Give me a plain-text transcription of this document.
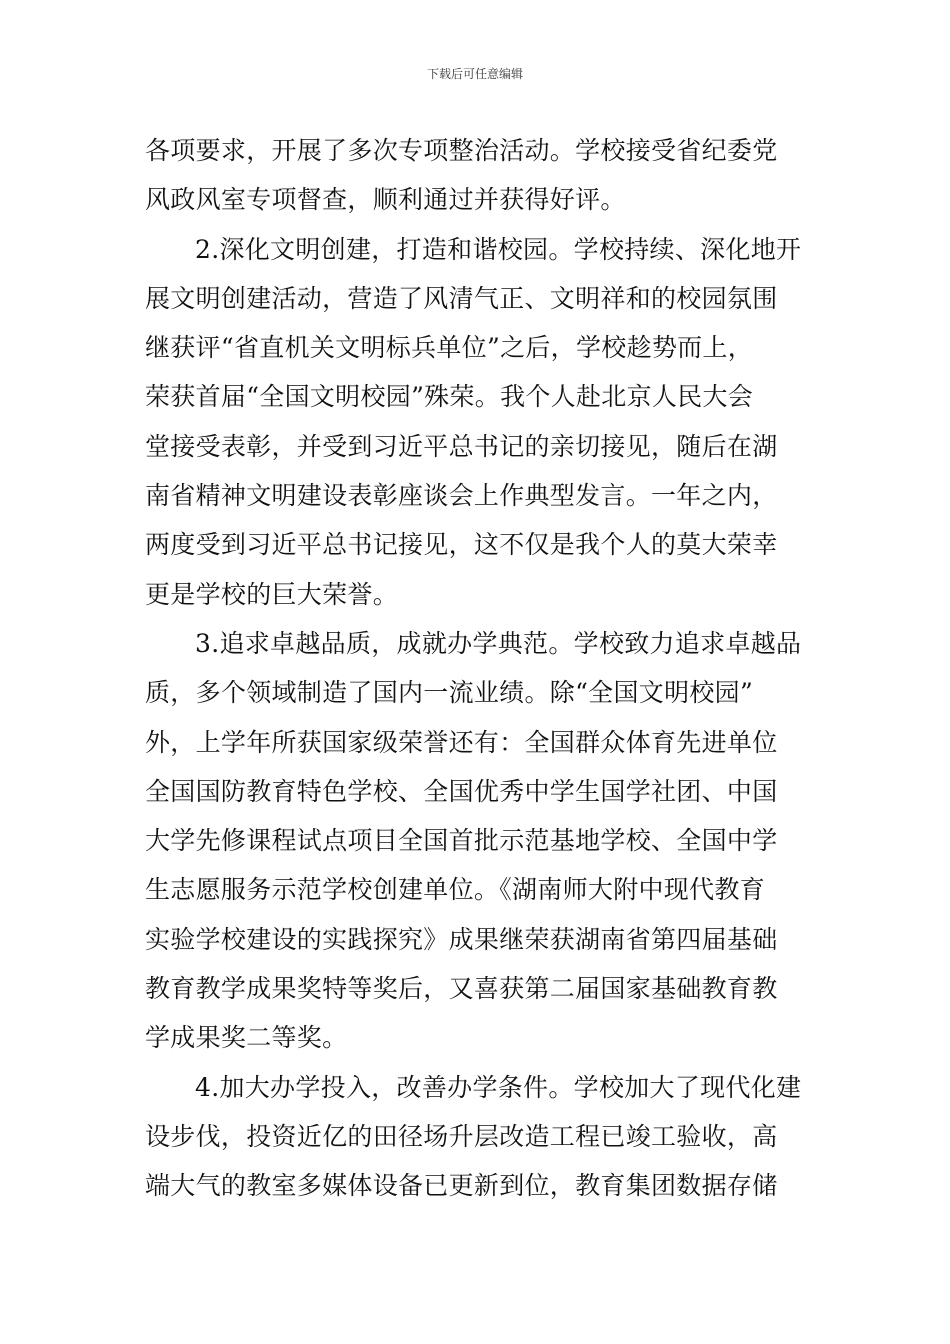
下载后可任意编辑
各项要求，开展了多次专项整治活动。学校接受省纪委党
风政风室专项督查，顺利通过并获得好评。
2.深化文明创建，打造和谐校园。学校持续、深化地开
展文明创建活动，营造了风清气正、文明祥和的校园氛围
继获评“省直机关文明标兵单位”之后，学校趁势而上，
荣获首届“全国文明校园”殊荣。我个人赴北京人民大会
堂接受表彰，并受到习近平总书记的亲切接见，随后在湖
南省精神文明建设表彰座谈会上作典型发言。一年之内，
两度受到习近平总书记接见，这不仅是我个人的莫大荣幸
更是学校的巨大荣誉。
3.追求卓越品质，成就办学典范。学校致力追求卓越品
质，多个领域制造了国内一流业绩。除“全国文明校园”
外，上学年所获国家级荣誉还有：全国群众体育先进单位
全国国防教育特色学校、全国优秀中学生国学社团、中国
大学先修课程试点项目全国首批示范基地学校、全国中学
生志愿服务示范学校创建单位。《湖南师大附中现代教育
实验学校建设的实践探究》成果继荣获湖南省第四届基础
教育教学成果奖特等奖后，又喜获第二届国家基础教育教
学成果奖二等奖。
4.加大办学投入，改善办学条件。学校加大了现代化建
设步伐，投资近亿的田径场升层改造工程已竣工验收，高
端大气的教室多媒体设备已更新到位，教育集团数据存储
